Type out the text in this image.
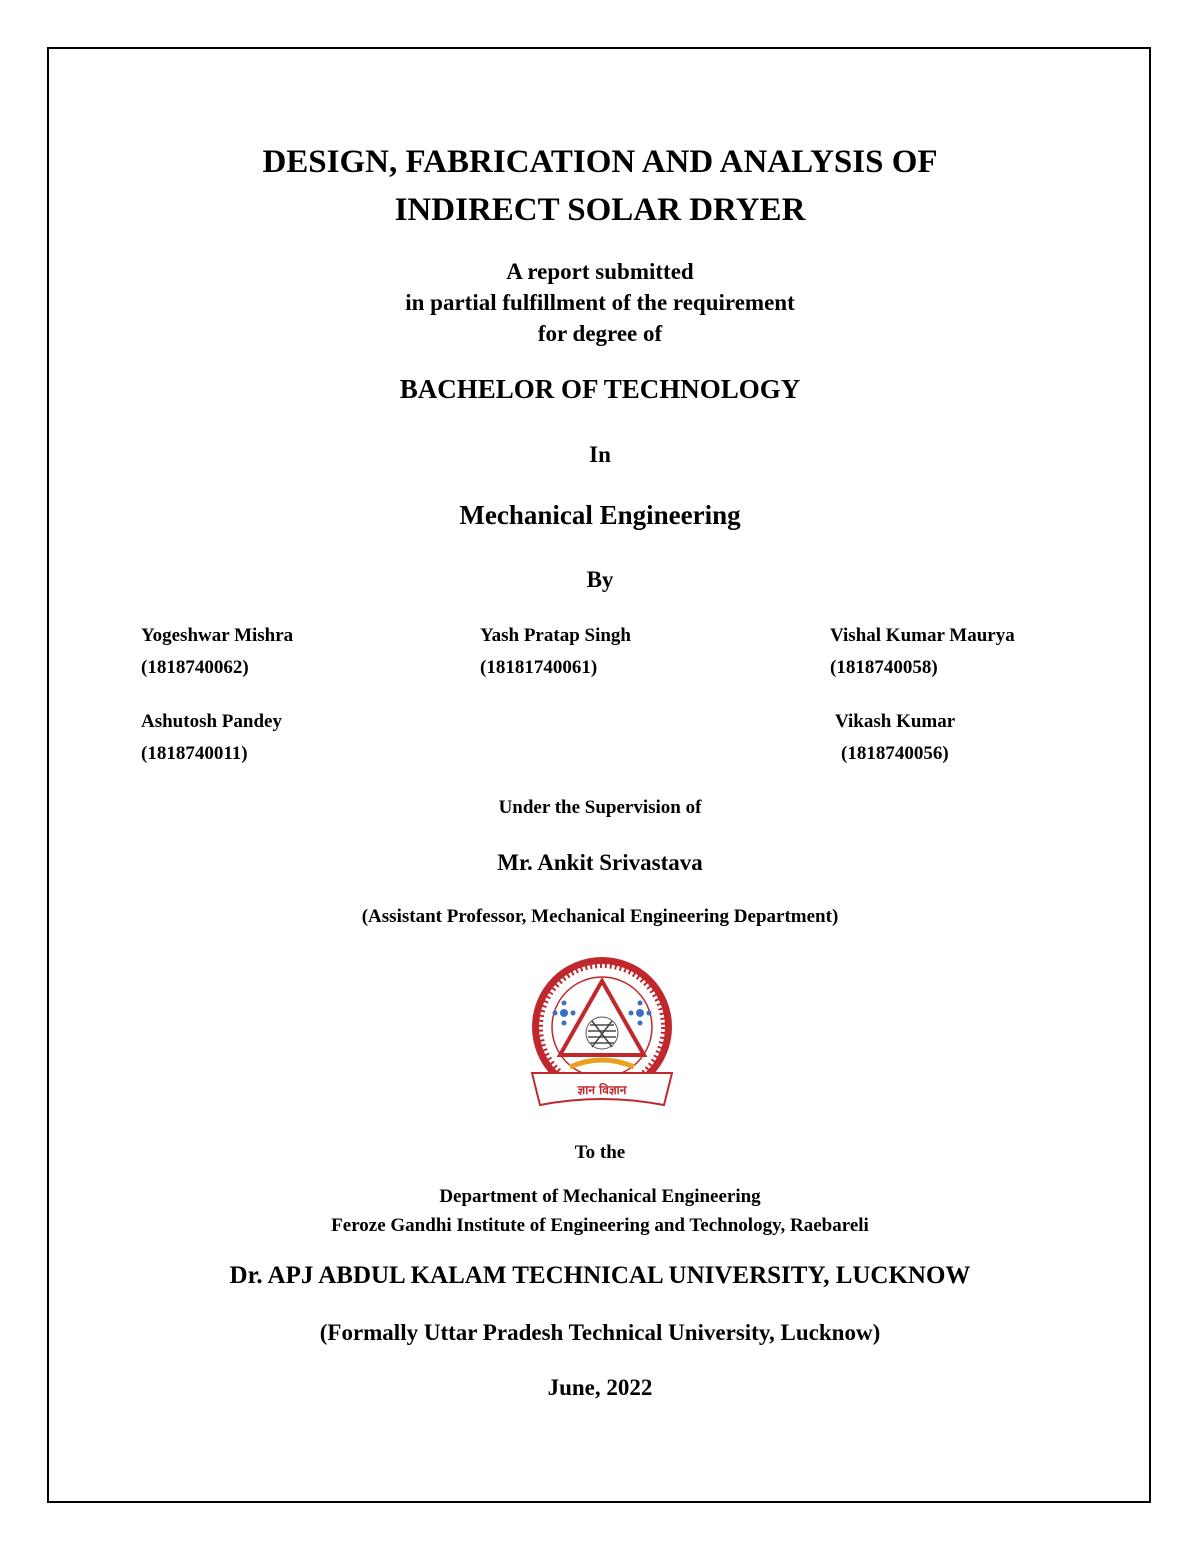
DESIGN, FABRICATION AND ANALYSIS OF
INDIRECT SOLAR DRYER
A report submitted
in partial fulfillment of the requirement
for degree of
BACHELOR OF TECHNOLOGY
In
Mechanical Engineering
By
Yogeshwar Mishra
(1818740062)
Yash Pratap Singh
(18181740061)
Vishal Kumar Maurya
(1818740058)
Ashutosh Pandey
(1818740011)
Vikash Kumar
(1818740056)
Under the Supervision of
Mr. Ankit Srivastava
(Assistant Professor, Mechanical Engineering Department)
ज्ञान विज्ञान
To the
Department of Mechanical Engineering
Feroze Gandhi Institute of Engineering and Technology, Raebareli
Dr. APJ ABDUL KALAM TECHNICAL UNIVERSITY, LUCKNOW
(Formally Uttar Pradesh Technical University, Lucknow)
June, 2022
